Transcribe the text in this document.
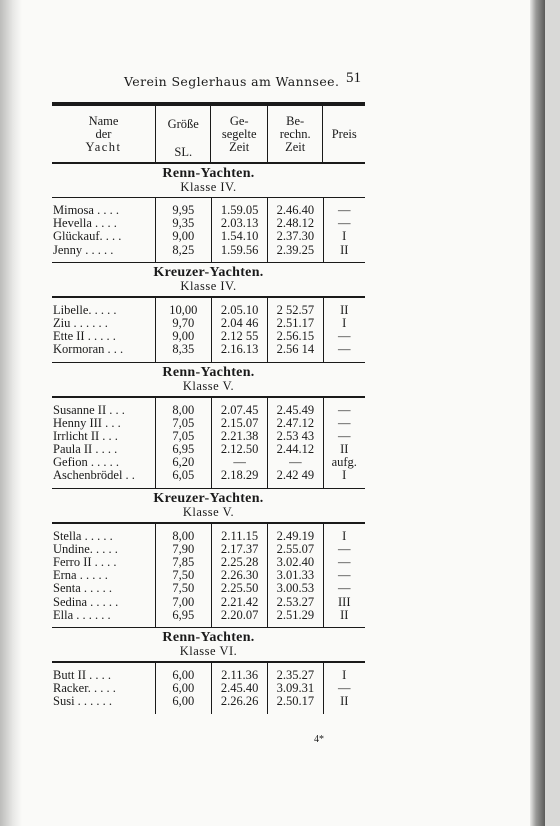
Verein Seglerhaus am Wannsee. 51
Name
der
Yacht
Größe
SL.
Ge-
segelte
Zeit
Be-
rechn.
Zeit
Preis
Renn-Yachten.
Klasse IV.
Mimosa . . . .
Hevella . . . .
Glückauf. . . .
Jenny . . . . .
9,95
9,35
9,00
8,25
1.59.05
2.03.13
1.54.10
1.59.56
2.46.40
2.48.12
2.37.30
2.39.25
—
—
I
II
Kreuzer-Yachten.
Klasse IV.
Libelle. . . . .
Ziu . . . . . .
Ette II . . . . .
Kormoran . . .
10,00
9,70
9,00
8,35
2.05.10
2.04 46
2.12 55
2.16.13
2 52.57
2.51.17
2.56.15
2.56 14
II
I
—
—
Renn-Yachten.
Klasse V.
Susanne II . . .
Henny III . . .
Irrlicht II . . .
Paula II . . . .
Gefion . . . . .
Aschenbrödel . .
8,00
7,05
7,05
6,95
6,20
6,05
2.07.45
2.15.07
2.21.38
2.12.50
—
2.18.29
2.45.49
2.47.12
2.53 43
2.44.12
—
2.42 49
—
—
—
II
aufg.
I
Kreuzer-Yachten.
Klasse V.
Stella . . . . .
Undine. . . . .
Ferro II . . . .
Erna . . . . .
Senta . . . . .
Sedina . . . . .
Ella . . . . . .
8,00
7,90
7,85
7,50
7,50
7,00
6,95
2.11.15
2.17.37
2.25.28
2.26.30
2.25.50
2.21.42
2.20.07
2.49.19
2.55.07
3.02.40
3.01.33
3.00.53
2.53.27
2.51.29
I
—
—
—
—
III
II
Renn-Yachten.
Klasse VI.
Butt II . . . .
Racker. . . . .
Susi . . . . . .
6,00
6,00
6,00
2.11.36
2.45.40
2.26.26
2.35.27
3.09.31
2.50.17
I
—
II
4*
